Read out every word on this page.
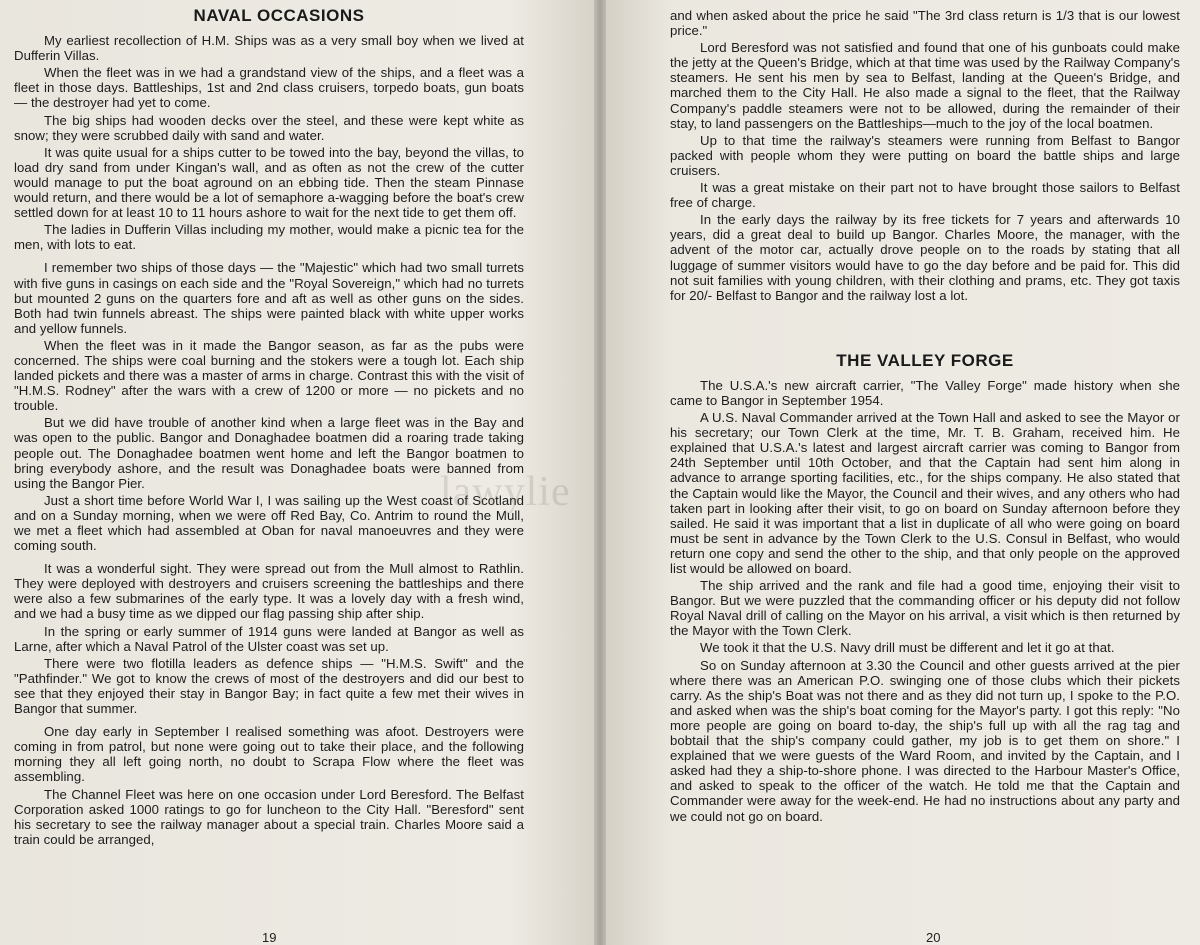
NAVAL OCCASIONS

My earliest recollection of H.M. Ships was as a very small boy when we lived at Dufferin Villas.

When the fleet was in we had a grandstand view of the ships, and a fleet was a fleet in those days. Battleships, 1st and 2nd class cruisers, torpedo boats, gun boats — the destroyer had yet to come.

The big ships had wooden decks over the steel, and these were kept white as snow; they were scrubbed daily with sand and water.

It was quite usual for a ships cutter to be towed into the bay, beyond the villas, to load dry sand from under Kingan's wall, and as often as not the crew of the cutter would manage to put the boat aground on an ebbing tide. Then the steam Pinnase would return, and there would be a lot of semaphore a-wagging before the boat's crew settled down for at least 10 to 11 hours ashore to wait for the next tide to get them off.

The ladies in Dufferin Villas including my mother, would make a picnic tea for the men, with lots to eat.

I remember two ships of those days — the "Majestic" which had two small turrets with five guns in casings on each side and the "Royal Sovereign," which had no turrets but mounted 2 guns on the quarters fore and aft as well as other guns on the sides. Both had twin funnels abreast. The ships were painted black with white upper works and yellow funnels.

When the fleet was in it made the Bangor season, as far as the pubs were concerned. The ships were coal burning and the stokers were a tough lot. Each ship landed pickets and there was a master of arms in charge. Contrast this with the visit of "H.M.S. Rodney" after the wars with a crew of 1200 or more — no pickets and no trouble.

But we did have trouble of another kind when a large fleet was in the Bay and was open to the public. Bangor and Donaghadee boatmen did a roaring trade taking people out. The Donaghadee boatmen went home and left the Bangor boatmen to bring everybody ashore, and the result was Donaghadee boats were banned from using the Bangor Pier.

Just a short time before World War I, I was sailing up the West coast of Scotland and on a Sunday morning, when we were off Red Bay, Co. Antrim to round the Mull, we met a fleet which had assembled at Oban for naval manoeuvres and they were coming south.

It was a wonderful sight. They were spread out from the Mull almost to Rathlin. They were deployed with destroyers and cruisers screening the battleships and there were also a few submarines of the early type. It was a lovely day with a fresh wind, and we had a busy time as we dipped our flag passing ship after ship.

In the spring or early summer of 1914 guns were landed at Bangor as well as Larne, after which a Naval Patrol of the Ulster coast was set up.

There were two flotilla leaders as defence ships — "H.M.S. Swift" and the "Pathfinder." We got to know the crews of most of the destroyers and did our best to see that they enjoyed their stay in Bangor Bay; in fact quite a few met their wives in Bangor that summer.

One day early in September I realised something was afoot. Destroyers were coming in from patrol, but none were going out to take their place, and the following morning they all left going north, no doubt to Scrapa Flow where the fleet was assembling.

The Channel Fleet was here on one occasion under Lord Beresford. The Belfast Corporation asked 1000 ratings to go for luncheon to the City Hall. "Beresford" sent his secretary to see the railway manager about a special train. Charles Moore said a train could be arranged,

19

and when asked about the price he said "The 3rd class return is 1/3 that is our lowest price."

Lord Beresford was not satisfied and found that one of his gunboats could make the jetty at the Queen's Bridge, which at that time was used by the Railway Company's steamers. He sent his men by sea to Belfast, landing at the Queen's Bridge, and marched them to the City Hall. He also made a signal to the fleet, that the Railway Company's paddle steamers were not to be allowed, during the remainder of their stay, to land passengers on the Battleships—much to the joy of the local boatmen.

Up to that time the railway's steamers were running from Belfast to Bangor packed with people whom they were putting on board the battle ships and large cruisers.

It was a great mistake on their part not to have brought those sailors to Belfast free of charge.

In the early days the railway by its free tickets for 7 years and afterwards 10 years, did a great deal to build up Bangor. Charles Moore, the manager, with the advent of the motor car, actually drove people on to the roads by stating that all luggage of summer visitors would have to go the day before and be paid for. This did not suit families with young children, with their clothing and prams, etc. They got taxis for 20/- Belfast to Bangor and the railway lost a lot.

THE VALLEY FORGE

The U.S.A.'s new aircraft carrier, "The Valley Forge" made history when she came to Bangor in September 1954.

A U.S. Naval Commander arrived at the Town Hall and asked to see the Mayor or his secretary; our Town Clerk at the time, Mr. T. B. Graham, received him. He explained that U.S.A.'s latest and largest aircraft carrier was coming to Bangor from 24th September until 10th October, and that the Captain had sent him along in advance to arrange sporting facilities, etc., for the ships company. He also stated that the Captain would like the Mayor, the Council and their wives, and any others who had taken part in looking after their visit, to go on board on Sunday afternoon before they sailed. He said it was important that a list in duplicate of all who were going on board must be sent in advance by the Town Clerk to the U.S. Consul in Belfast, who would return one copy and send the other to the ship, and that only people on the approved list would be allowed on board.

The ship arrived and the rank and file had a good time, enjoying their visit to Bangor. But we were puzzled that the commanding officer or his deputy did not follow Royal Naval drill of calling on the Mayor on his arrival, a visit which is then returned by the Mayor with the Town Clerk.

We took it that the U.S. Navy drill must be different and let it go at that.

So on Sunday afternoon at 3.30 the Council and other guests arrived at the pier where there was an American P.O. swinging one of those clubs which their pickets carry. As the ship's Boat was not there and as they did not turn up, I spoke to the P.O. and asked when was the ship's boat coming for the Mayor's party. I got this reply: "No more people are going on board to-day, the ship's full up with all the rag tag and bobtail that the ship's company could gather, my job is to get them on shore." I explained that we were guests of the Ward Room, and invited by the Captain, and I asked had they a ship-to-shore phone. I was directed to the Harbour Master's Office, and asked to speak to the officer of the watch. He told me that the Captain and Commander were away for the week-end. He had no instructions about any party and we could not go on board.

20
lawylie
